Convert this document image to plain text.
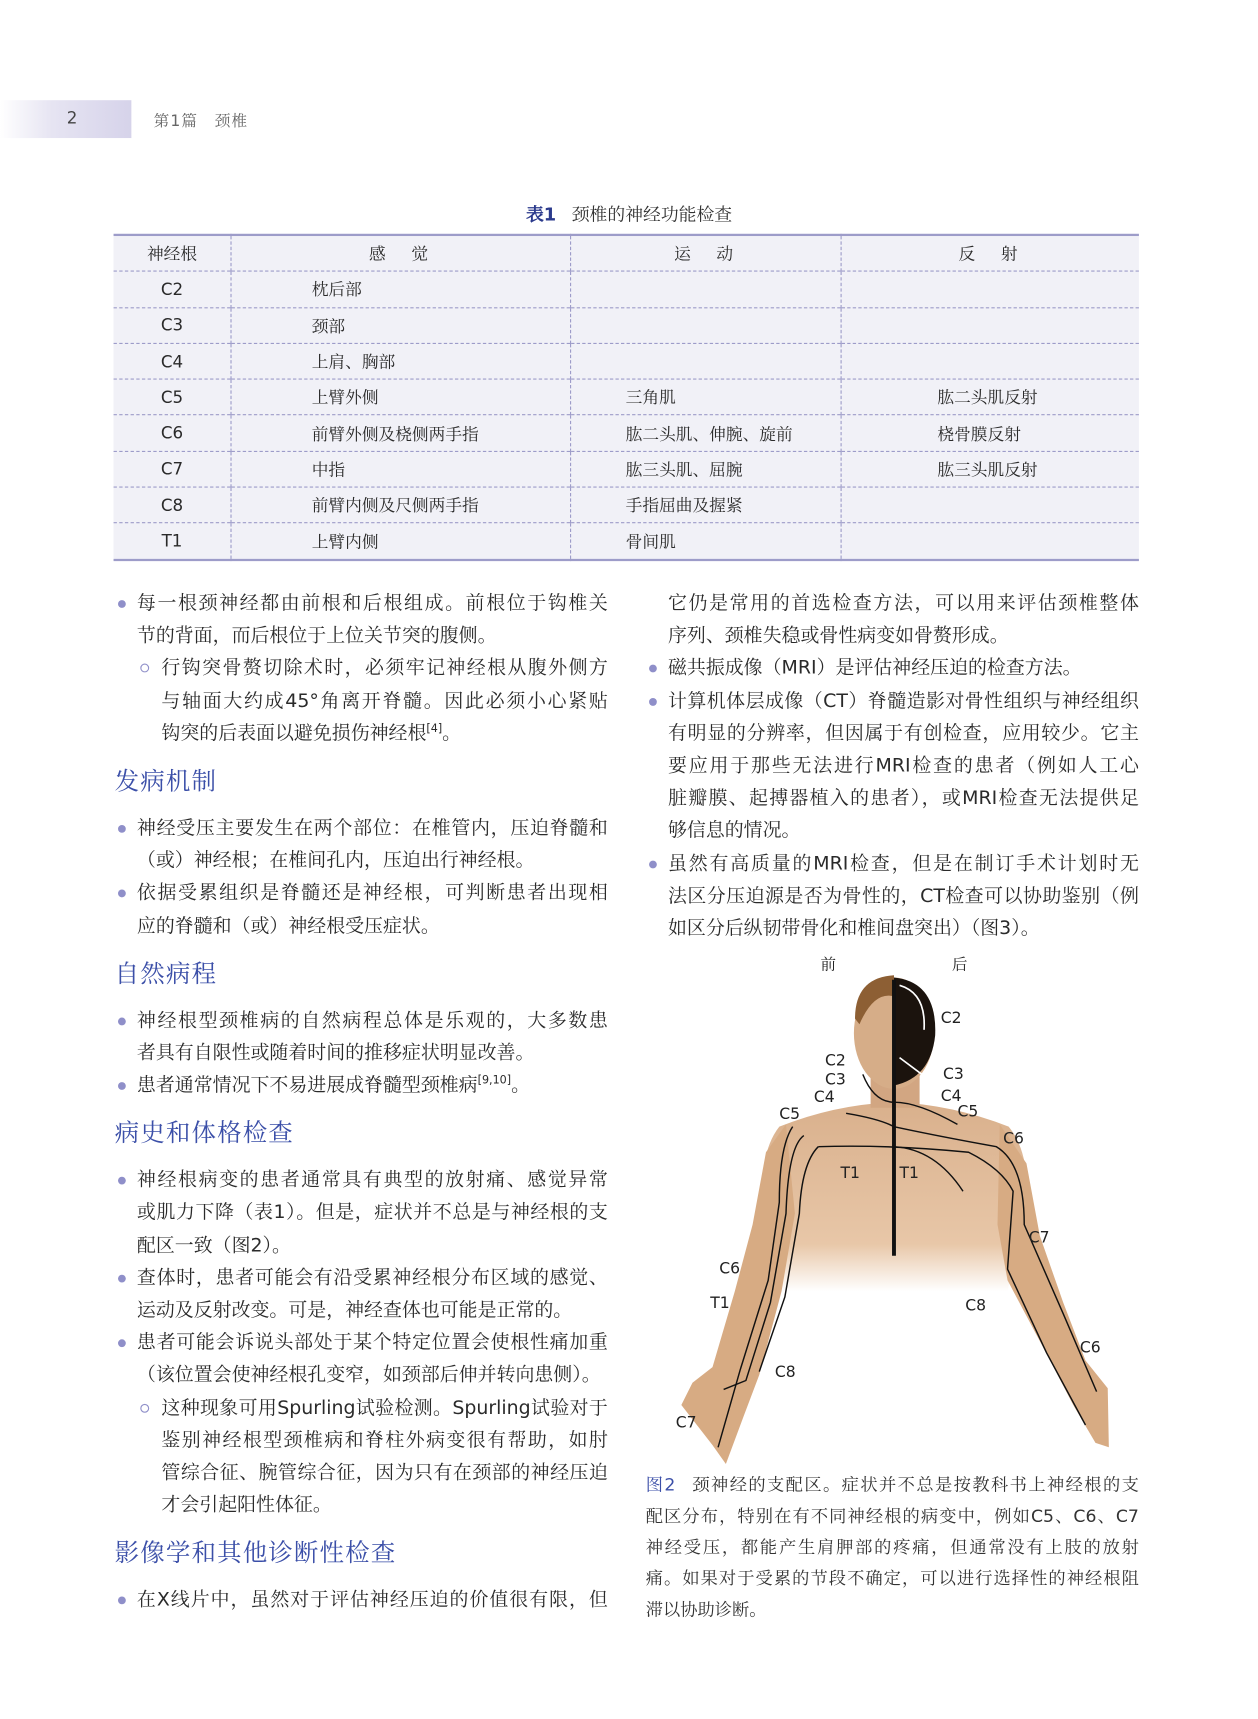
2	第1篇　颈椎
表1 颈椎的神经功能检查
神经根	感　觉	运　动	反　射
C2	枕后部		
C3	颈部		
C4	上肩、胸部		
C5	上臂外侧	三角肌	肱二头肌反射
C6	前臂外侧及桡侧两手指	肱二头肌、伸腕、旋前	桡骨膜反射
C7	中指	肱三头肌、屈腕	肱三头肌反射
C8	前臂内侧及尺侧两手指	手指屈曲及握紧	
T1	上臂内侧	骨间肌	
每一根颈神经都由前根和后根组成。前根位于钩椎关
节的背面，而后根位于上位关节突的腹侧。
行钩突骨赘切除术时，必须牢记神经根从腹外侧方
与轴面大约成45°角离开脊髓。因此必须小心紧贴
钩突的后表面以避免损伤神经根[4]。
发病机制
神经受压主要发生在两个部位：在椎管内，压迫脊髓和
（或）神经根；在椎间孔内，压迫出行神经根。
依据受累组织是脊髓还是神经根，可判断患者出现相
应的脊髓和（或）神经根受压症状。
自然病程
神经根型颈椎病的自然病程总体是乐观的，大多数患
者具有自限性或随着时间的推移症状明显改善。
患者通常情况下不易进展成脊髓型颈椎病[9,10]。
病史和体格检查
神经根病变的患者通常具有典型的放射痛、感觉异常
或肌力下降（表1）。但是，症状并不总是与神经根的支
配区一致（图2）。
查体时，患者可能会有沿受累神经根分布区域的感觉、
运动及反射改变。可是，神经查体也可能是正常的。
患者可能会诉说头部处于某个特定位置会使根性痛加重
（该位置会使神经根孔变窄，如颈部后伸并转向患侧）。
这种现象可用Spurling试验检测。Spurling试验对于
鉴别神经根型颈椎病和脊柱外病变很有帮助，如肘
管综合征、腕管综合征，因为只有在颈部的神经压迫
才会引起阳性体征。
影像学和其他诊断性检查
在X线片中，虽然对于评估神经压迫的价值很有限，但
它仍是常用的首选检查方法，可以用来评估颈椎整体
序列、颈椎失稳或骨性病变如骨赘形成。
磁共振成像（MRI）是评估神经压迫的检查方法。
计算机体层成像（CT）脊髓造影对骨性组织与神经组织
有明显的分辨率，但因属于有创检查，应用较少。它主
要应用于那些无法进行MRI检查的患者（例如人工心
脏瓣膜、起搏器植入的患者），或MRI检查无法提供足
够信息的情况。
虽然有高质量的MRI检查，但是在制订手术计划时无
法区分压迫源是否为骨性的，CT检查可以协助鉴别（例
如区分后纵韧带骨化和椎间盘突出）（图3）。
前	后
C2
C2
C3
C4
C5
C3
C4
C5
C6
T1	T1
C7
C6
T1	C8
C6
C8
C7
图2 颈神经的支配区。症状并不总是按教科书上神经根的支
配区分布，特别在有不同神经根的病变中，例如C5、C6、C7
神经受压，都能产生肩胛部的疼痛，但通常没有上肢的放射
痛。如果对于受累的节段不确定，可以进行选择性的神经根阻
滞以协助诊断。
